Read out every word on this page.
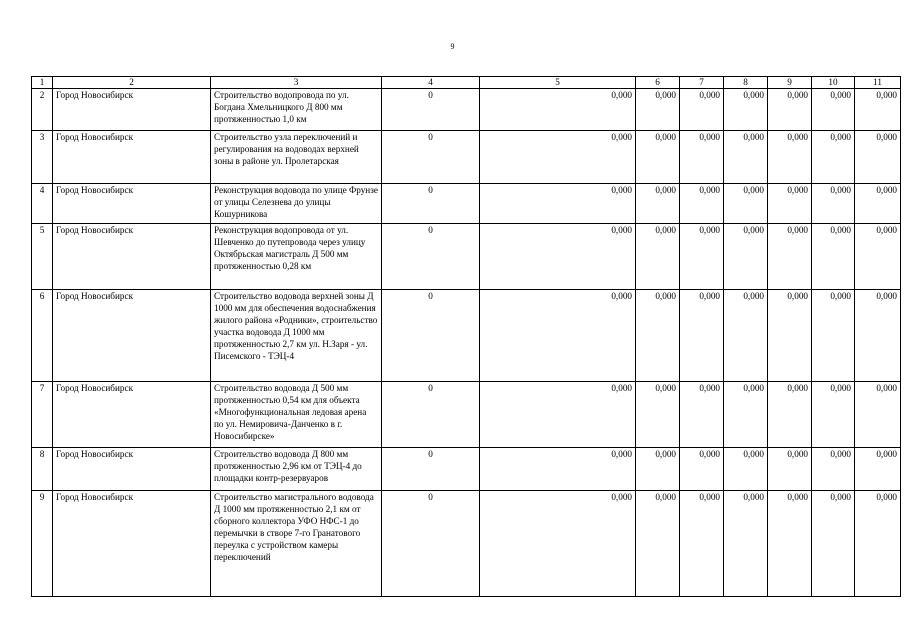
9
1	2	3	4	5	6	7	8	9	10	11
2	Город Новосибирск	Строительство водопровода по ул. Богдана Хмельницкого Д 800 мм протяженностью 1,0 км	0	0,000	0,000	0,000	0,000	0,000	0,000	0,000
3	Город Новосибирск	Строительство узла переключений и регулирования на водоводах верхней зоны в районе ул. Пролетарская	0	0,000	0,000	0,000	0,000	0,000	0,000	0,000
4	Город Новосибирск	Реконструкция водовода по улице Фрунзе от улицы Селезнева до улицы Кошурникова	0	0,000	0,000	0,000	0,000	0,000	0,000	0,000
5	Город Новосибирск	Реконструкция водопровода от ул. Шевченко до путепровода через улицу Октябрьская магистраль Д 500 мм протяженностью 0,28 км	0	0,000	0,000	0,000	0,000	0,000	0,000	0,000
6	Город Новосибирск	Строительство водовода верхней зоны Д 1000 мм для обеспечения водоснабжения жилого района «Родники», строительство участка водовода Д 1000 мм протяженностью 2,7 км ул. Н.Заря - ул. Писемского - ТЭЦ-4	0	0,000	0,000	0,000	0,000	0,000	0,000	0,000
7	Город Новосибирск	Строительство водовода Д 500 мм протяженностью 0,54 км для объекта «Многофункциональная ледовая арена по ул. Немировича-Данченко в г. Новосибирске»	0	0,000	0,000	0,000	0,000	0,000	0,000	0,000
8	Город Новосибирск	Строительство водовода Д 800 мм протяженностью 2,96 км от ТЭЦ-4 до площадки контр-резервуаров	0	0,000	0,000	0,000	0,000	0,000	0,000	0,000
9	Город Новосибирск	Строительство магистрального водовода Д 1000 мм протяженностью 2,1 км от сборного коллектора УФО НФС-1 до перемычки в створе 7-го Гранатового переулка с устройством камеры переключений	0	0,000	0,000	0,000	0,000	0,000	0,000	0,000
